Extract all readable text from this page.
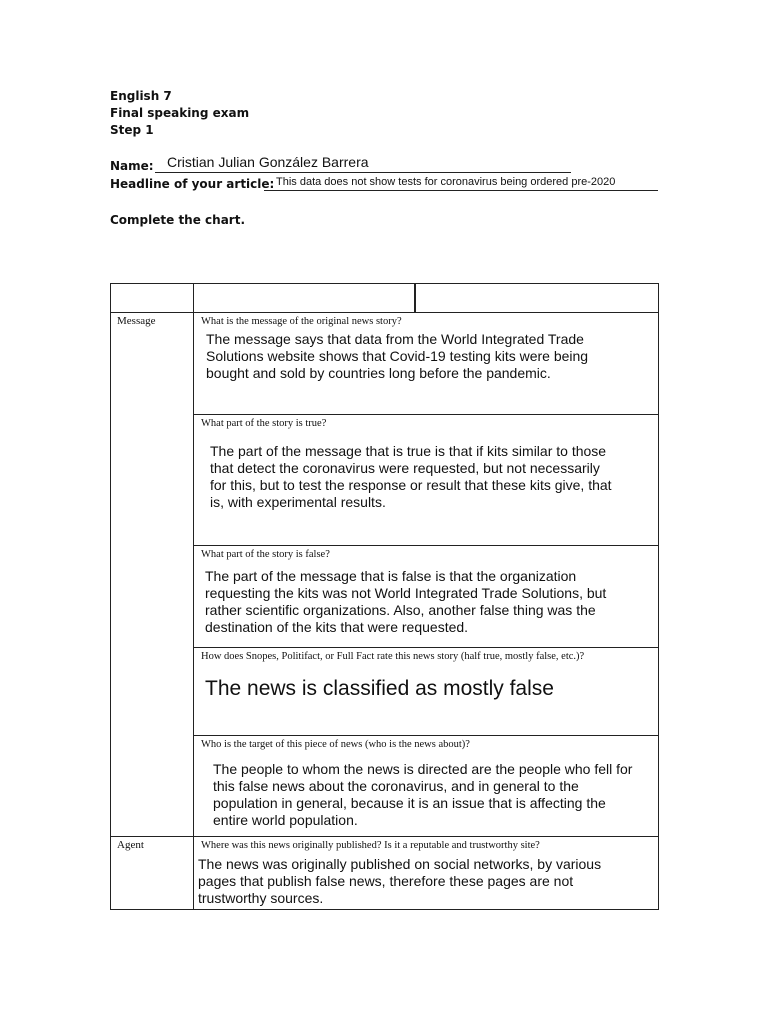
English 7
Final speaking exam
Step 1
Name: Cristian Julian González Barrera
Headline of your article: This data does not show tests for coronavirus being ordered pre-2020
Complete the chart.

Message	What is the message of the original news story?
The message says that data from the World Integrated Trade Solutions website shows that Covid-19 testing kits were being bought and sold by countries long before the pandemic.

	What part of the story is true?
The part of the message that is true is that if kits similar to those that detect the coronavirus were requested, but not necessarily for this, but to test the response or result that these kits give, that is, with experimental results.

	What part of the story is false?
The part of the message that is false is that the organization requesting the kits was not World Integrated Trade Solutions, but rather scientific organizations. Also, another false thing was the destination of the kits that were requested.

	How does Snopes, Politifact, or Full Fact rate this news story (half true, mostly false, etc.)?
The news is classified as mostly false

	Who is the target of this piece of news (who is the news about)?
The people to whom the news is directed are the people who fell for this false news about the coronavirus, and in general to the population in general, because it is an issue that is affecting the entire world population.

Agent	Where was this news originally published? Is it a reputable and trustworthy site?
The news was originally published on social networks, by various pages that publish false news, therefore these pages are not trustworthy sources.
